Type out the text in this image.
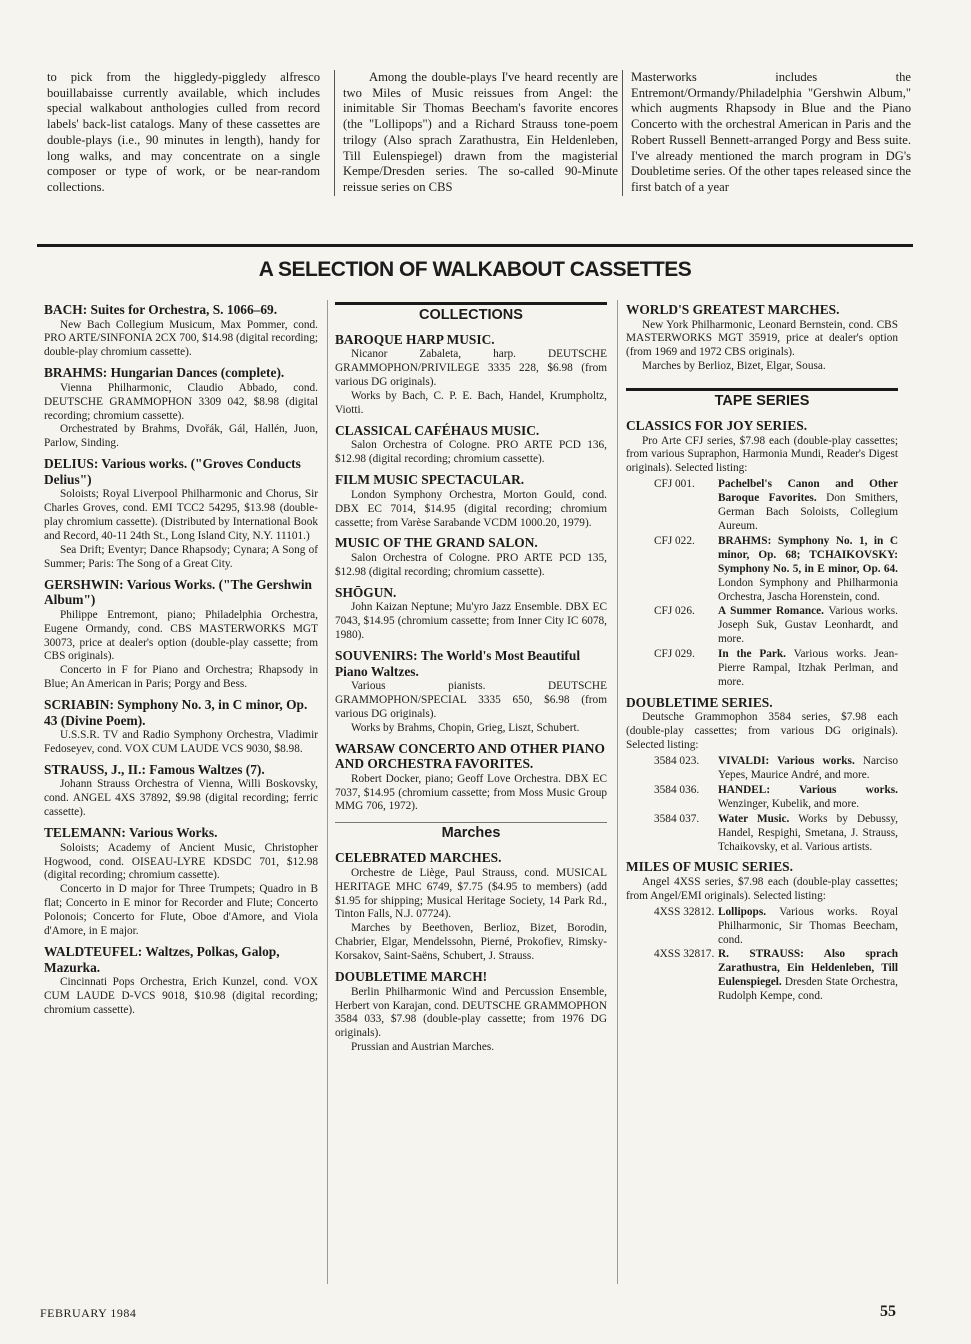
to pick from the higgledy-piggledy alfresco bouillabaisse currently available, which includes special walkabout anthologies culled from record labels' back-list catalogs. Many of these cassettes are double-plays (i.e., 90 minutes in length), handy for long walks, and may concentrate on a single composer or type of work, or be near-random collections.

Among the double-plays I've heard recently are two Miles of Music reissues from Angel: the inimitable Sir Thomas Beecham's favorite encores (the "Lollipops") and a Richard Strauss tone-poem trilogy (Also sprach Zarathustra, Ein Heldenleben, Till Eulenspiegel) drawn from the magisterial Kempe/Dresden series. The so-called 90-Minute reissue series on CBS

Masterworks includes the Entremont/Ormandy/Philadelphia "Gershwin Album," which augments Rhapsody in Blue and the Piano Concerto with the orchestral American in Paris and the Robert Russell Bennett-arranged Porgy and Bess suite. I've already mentioned the march program in DG's Doubletime series. Of the other tapes released since the first batch of a year

A SELECTION OF WALKABOUT CASSETTES
BACH: Suites for Orchestra, S. 1066–69.

New Bach Collegium Musicum, Max Pommer, cond. PRO ARTE/SINFONIA 2CX 700, $14.98 (digital recording; double-play chromium cassette).

BRAHMS: Hungarian Dances (complete).

Vienna Philharmonic, Claudio Abbado, cond. DEUTSCHE GRAMMOPHON 3309 042, $8.98 (digital recording; chromium cassette).

Orchestrated by Brahms, Dvořák, Gál, Hallén, Juon, Parlow, Sinding.

DELIUS: Various works. ("Groves Conducts Delius")

Soloists; Royal Liverpool Philharmonic and Chorus, Sir Charles Groves, cond. EMI TCC2 54295, $13.98 (double-play chromium cassette). (Distributed by International Book and Record, 40-11 24th St., Long Island City, N.Y. 11101.)

Sea Drift; Eventyr; Dance Rhapsody; Cynara; A Song of Summer; Paris: The Song of a Great City.

GERSHWIN: Various Works. ("The Gershwin Album")

Philippe Entremont, piano; Philadelphia Orchestra, Eugene Ormandy, cond. CBS MASTERWORKS MGT 30073, price at dealer's option (double-play cassette; from CBS originals).

Concerto in F for Piano and Orchestra; Rhapsody in Blue; An American in Paris; Porgy and Bess.

SCRIABIN: Symphony No. 3, in C minor, Op. 43 (Divine Poem).

U.S.S.R. TV and Radio Symphony Orchestra, Vladimir Fedoseyev, cond. VOX CUM LAUDE VCS 9030, $8.98.

STRAUSS, J., II.: Famous Waltzes (7).

Johann Strauss Orchestra of Vienna, Willi Boskovsky, cond. ANGEL 4XS 37892, $9.98 (digital recording; ferric cassette).

TELEMANN: Various Works.

Soloists; Academy of Ancient Music, Christopher Hogwood, cond. OISEAU-LYRE KDSDC 701, $12.98 (digital recording; chromium cassette).

Concerto in D major for Three Trumpets; Quadro in B flat; Concerto in E minor for Recorder and Flute; Concerto Polonois; Concerto for Flute, Oboe d'Amore, and Viola d'Amore, in E major.

WALDTEUFEL: Waltzes, Polkas, Galop, Mazurka.

Cincinnati Pops Orchestra, Erich Kunzel, cond. VOX CUM LAUDE D-VCS 9018, $10.98 (digital recording; chromium cassette).

COLLECTIONS
BAROQUE HARP MUSIC.

Nicanor Zabaleta, harp. DEUTSCHE GRAMMOPHON/PRIVILEGE 3335 228, $6.98 (from various DG originals).

Works by Bach, C. P. E. Bach, Handel, Krumpholtz, Viotti.

CLASSICAL CAFÉHAUS MUSIC.

Salon Orchestra of Cologne. PRO ARTE PCD 136, $12.98 (digital recording; chromium cassette).

FILM MUSIC SPECTACULAR.

London Symphony Orchestra, Morton Gould, cond. DBX EC 7014, $14.95 (digital recording; chromium cassette; from Varèse Sarabande VCDM 1000.20, 1979).

MUSIC OF THE GRAND SALON.

Salon Orchestra of Cologne. PRO ARTE PCD 135, $12.98 (digital recording; chromium cassette).

SHŌGUN.

John Kaizan Neptune; Mu'yro Jazz Ensemble. DBX EC 7043, $14.95 (chromium cassette; from Inner City IC 6078, 1980).

SOUVENIRS: The World's Most Beautiful Piano Waltzes.

Various pianists. DEUTSCHE GRAMMOPHON/SPECIAL 3335 650, $6.98 (from various DG originals).

Works by Brahms, Chopin, Grieg, Liszt, Schubert.

WARSAW CONCERTO AND OTHER PIANO AND ORCHESTRA FAVORITES.

Robert Docker, piano; Geoff Love Orchestra. DBX EC 7037, $14.95 (chromium cassette; from Moss Music Group MMG 706, 1972).

Marches
CELEBRATED MARCHES.

Orchestre de Liège, Paul Strauss, cond. MUSICAL HERITAGE MHC 6749, $7.75 ($4.95 to members) (add $1.95 for shipping; Musical Heritage Society, 14 Park Rd., Tinton Falls, N.J. 07724).

Marches by Beethoven, Berlioz, Bizet, Borodin, Chabrier, Elgar, Mendelssohn, Pierné, Prokofiev, Rimsky-Korsakov, Saint-Saëns, Schubert, J. Strauss.

DOUBLETIME MARCH!

Berlin Philharmonic Wind and Percussion Ensemble, Herbert von Karajan, cond. DEUTSCHE GRAMMOPHON 3584 033, $7.98 (double-play cassette; from 1976 DG originals).

Prussian and Austrian Marches.

WORLD'S GREATEST MARCHES.

New York Philharmonic, Leonard Bernstein, cond. CBS MASTERWORKS MGT 35919, price at dealer's option (from 1969 and 1972 CBS originals).

Marches by Berlioz, Bizet, Elgar, Sousa.

TAPE SERIES
CLASSICS FOR JOY SERIES.

Pro Arte CFJ series, $7.98 each (double-play cassettes; from various Supraphon, Harmonia Mundi, Reader's Digest originals). Selected listing:

CFJ 001.	Pachelbel's Canon and Other Baroque Favorites. Don Smithers, German Bach Soloists, Collegium Aureum.
CFJ 022.	BRAHMS: Symphony No. 1, in C minor, Op. 68; TCHAIKOVSKY: Symphony No. 5, in E minor, Op. 64. London Symphony and Philharmonia Orchestra, Jascha Horenstein, cond.
CFJ 026.	A Summer Romance. Various works. Joseph Suk, Gustav Leonhardt, and more.
CFJ 029.	In the Park. Various works. Jean-Pierre Rampal, Itzhak Perlman, and more.
DOUBLETIME SERIES.

Deutsche Grammophon 3584 series, $7.98 each (double-play cassettes; from various DG originals). Selected listing:

3584 023.	VIVALDI: Various works. Narciso Yepes, Maurice André, and more.
3584 036.	HANDEL: Various works. Wenzinger, Kubelik, and more.
3584 037.	Water Music. Works by Debussy, Handel, Respighi, Smetana, J. Strauss, Tchaikovsky, et al. Various artists.
MILES OF MUSIC SERIES.

Angel 4XSS series, $7.98 each (double-play cassettes; from Angel/EMI originals). Selected listing:

4XSS 32812. Lollipops. Various works. Royal Philharmonic, Sir Thomas Beecham, cond.
4XSS 32817. R. STRAUSS: Also sprach Zarathustra, Ein Heldenleben, Till Eulenspiegel. Dresden State Orchestra, Rudolph Kempe, cond.
FEBRUARY 1984	55
